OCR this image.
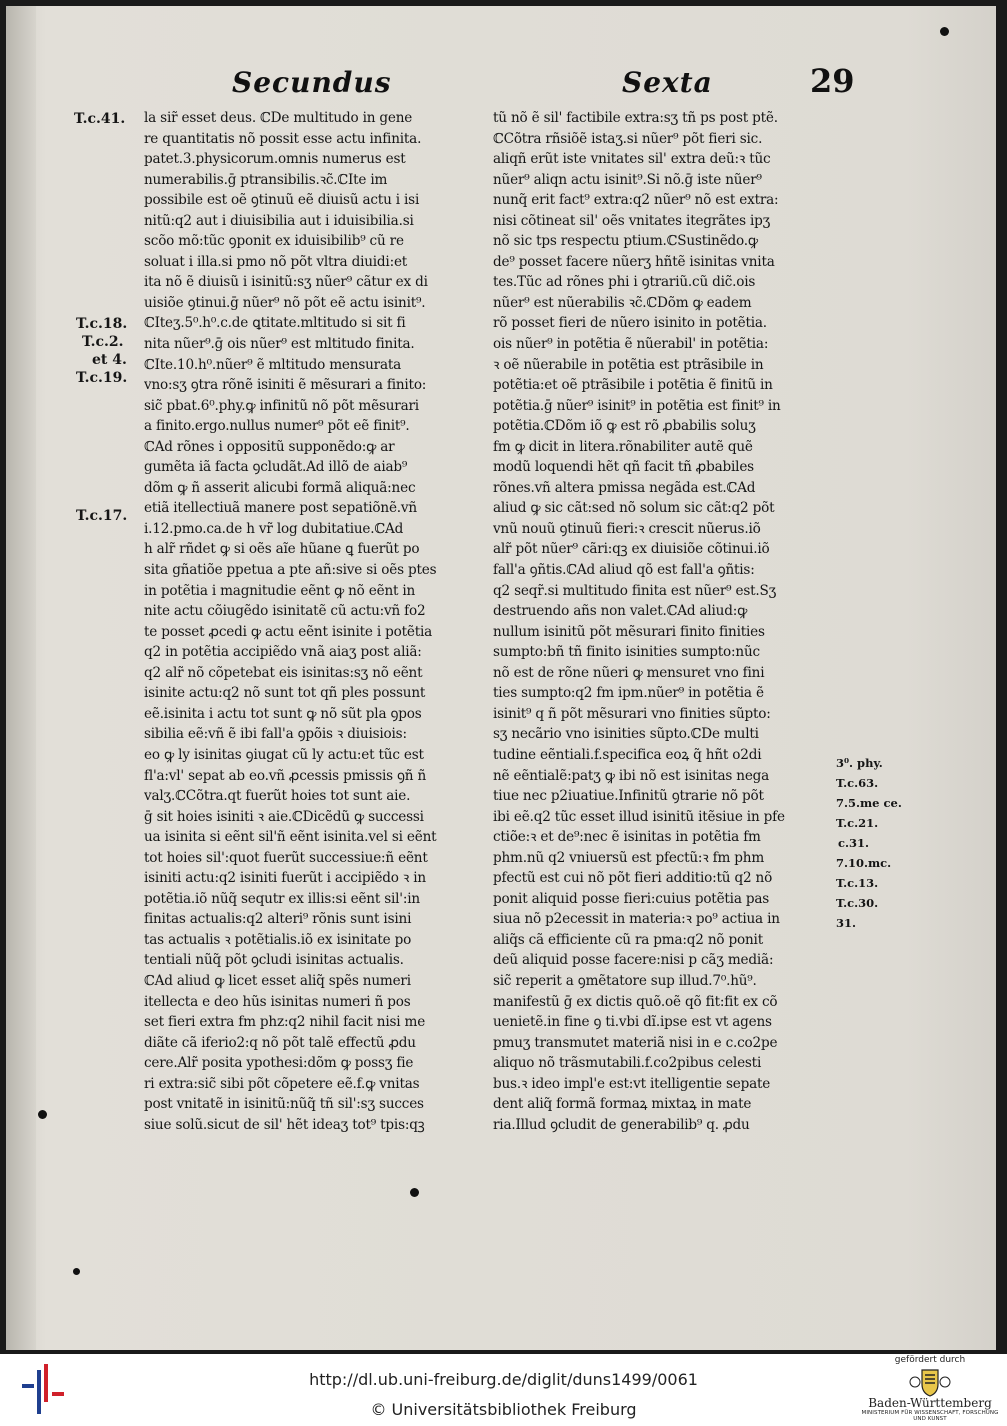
Secundus	Sexta	29
la sir̃ esset deus. ℂDe multitudo in gene
re quantitatis nõ possit esse actu infinita.
patet.3.physicorum.omnis numerus est
numerabilis.ḡ ptransibilis.ꝛc̃.ℂIte im
possibile est oẽ ꝯtinuũ eẽ diuisũ actu i isi
nitũ:q2 aut i diuisibilia aut i iduisibilia.si
scõo mõ:tũc ꝯponit ex iduisibilib⁹ cũ re
soluat i illa.si pmo nõ põt vltra diuidi:et
ita nõ ẽ diuisũ i isinitũ:sʒ nũer⁹ cãtur ex di
uisiõe ꝯtinui.ḡ nũer⁹ nõ põt eẽ actu isinit⁹.
ℂIteʒ.5⁰.h⁰.c.de ꝗtitate.mltitudo si sit fi
nita nũer⁹.ḡ ois nũer⁹ est mltitudo finita.
ℂIte.10.h⁰.nũer⁹ ẽ mltitudo mensurata
vno:sʒ ꝯtra rõnẽ isiniti ẽ mẽsurari a finito:
sic̃ pbat.6⁰.phy.ꝙ infinitũ nõ põt mẽsurari
a finito.ergo.nullus numer⁹ põt eẽ finit⁹.
ℂAd rõnes i oppositũ supponẽdo:ꝙ ar
gumẽta iã facta ꝯcludãt.Ad illõ de aiab⁹
dõm ꝙ ñ asserit alicubi formã aliquã:nec
etiã itellectiuã manere post sepatiõnẽ.vñ
i.12.pmo.ca.de h vr̃ log dubitatiue.ℂAd
h alr̃ rñdet ꝙ si oẽs aĩe hũane ꝗ fuerũt po
sita gñatiõe ppetua a pte añ:sive si oẽs ptes
in potẽtia i magnitudie eẽnt ꝙ nõ eẽnt in
nite actu cõiugẽdo isinitatẽ cũ actu:vñ fo2
te posset ꝓcedi ꝙ actu eẽnt isinite i potẽtia
q2 in potẽtia accipiẽdo vnã aiaʒ post aliã:
q2 alr̃ nõ cõpetebat eis isinitas:sʒ nõ eẽnt
isinite actu:q2 nõ sunt tot qñ ples possunt
eẽ.isinita i actu tot sunt ꝙ nõ sũt pla ꝯpos
sibilia eẽ:vñ ẽ ibi fall'a ꝯpõis ꝛ diuisiois:
eo ꝙ ly isinitas ꝯiugat cũ ly actu:et tũc est
fl'a:vl' sepat ab eo.vñ ꝓcessis pmissis ꝯñ ñ
valʒ.ℂCõtra.qt fuerũt hoies tot sunt aie.
ḡ sit hoies isiniti ꝛ aie.ℂDicẽdũ ꝙ successi
ua isinita si eẽnt sil'ñ eẽnt isinita.vel si eẽnt
tot hoies sil':quot fuerũt successiue:ñ eẽnt
isiniti actu:q2 isiniti fuerũt i accipiẽdo ꝛ in
potẽtia.iõ nũq̃ sequtr ex illis:si eẽnt sil':in
finitas actualis:q2 alteri⁹ rõnis sunt isini
tas actualis ꝛ potẽtialis.iõ ex isinitate po
tentiali nũq̃ põt ꝯcludi isinitas actualis.
ℂAd aliud ꝙ licet esset aliq̃ spẽs numeri
itellecta e deo hũs isinitas numeri ñ pos
set fieri extra fm phz:q2 nihil facit nisi me
diãte cã iferio2:q nõ põt talẽ effectũ ꝓdu
cere.Alr̃ posita ypothesi:dõm ꝙ possʒ fie
ri extra:sic̃ sibi põt cõpetere eẽ.f.ꝙ vnitas
post vnitatẽ in isinitũ:nũq̃ tñ sil':sʒ succes
siue solũ.sicut de sil' hẽt ideaʒ tot⁹ tpis:qꝫ
tũ nõ ẽ sil' factibile extra:sʒ tñ ps post ptẽ.
ℂCõtra rñsiõẽ istaʒ.si nũer⁹ põt fieri sic.
aliqñ erũt iste vnitates sil' extra deũ:ꝛ tũc
nũer⁹ aliqn actu isinit⁹.Si nõ.ḡ iste nũer⁹
nunq̃ erit fact⁹ extra:q2 nũer⁹ nõ est extra:
nisi cõtineat sil' oẽs vnitates itegrãtes ipʒ
nõ sic tps respectu ptium.ℂSustinẽdo.ꝙ
de⁹ posset facere nũerʒ hñtẽ isinitas vnita
tes.Tũc ad rõnes phi i ꝯtrariũ.cũ dic̃.ois
nũer⁹ est nũerabilis ꝛc̃.ℂDõm ꝙ eadem
rõ posset fieri de nũero isinito in potẽtia.
ois nũer⁹ in potẽtia ẽ nũerabil' in potẽtia:
ꝛ oẽ nũerabile in potẽtia est ptrãsibile in
potẽtia:et oẽ ptrãsibile i potẽtia ẽ finitũ in
potẽtia.ḡ nũer⁹ isinit⁹ in potẽtia est finit⁹ in
potẽtia.ℂDõm iõ ꝙ est rõ ꝓbabilis soluʒ
fm ꝙ dicit in litera.rõnabiliter autẽ quẽ
modũ loquendi hẽt qñ facit tñ ꝓbabiles
rõnes.vñ altera pmissa negãda est.ℂAd
aliud ꝙ sic cãt:sed nõ solum sic cãt:q2 põt
vnũ nouũ ꝯtinuũ fieri:ꝛ crescit nũerus.iõ
alr̃ põt nũer⁹ cãri:qꝫ ex diuisiõe cõtinui.iõ
fall'a ꝯñtis.ℂAd aliud qõ est fall'a ꝯñtis:
q2 seqr̃.si multitudo finita est nũer⁹ est.Sʒ
destruendo añs non valet.ℂAd aliud:ꝙ
nullum isinitũ põt mẽsurari finito finities
sumpto:bñ tñ finito isinities sumpto:nũc
nõ est de rõne nũeri ꝙ mensuret vno fini
ties sumpto:q2 fm ipm.nũer⁹ in potẽtia ẽ
isinit⁹ q ñ põt mẽsurari vno finities sũpto:
sʒ necãrio vno isinities sũpto.ℂDe multi
tudine eẽntiali.f.specifica eoꝝ q̃ hñt o2di
nẽ eẽntialẽ:patʒ ꝙ ibi nõ est isinitas nega
tiue nec p2iuatiue.Infinitũ ꝯtrarie nõ põt
ibi eẽ.q2 tũc esset illud isinitũ itẽsiue in pfe
ctiõe:ꝛ et de⁹:nec ẽ isinitas in potẽtia fm
phm.nũ q2 vniuersũ est pfectũ:ꝛ fm phm
pfectũ est cui nõ põt fieri additio:tũ q2 nõ
ponit aliquid posse fieri:cuius potẽtia pas
siua nõ p2ecessit in materia:ꝛ po⁹ actiua in
aliq̃s cã efficiente cũ ra pma:q2 nõ ponit
deũ aliquid posse facere:nisi p cãʒ mediã:
sic̃ reperit a ꝯmẽtatore sup illud.7⁰.hũ⁹.
manifestũ ḡ ex dictis quõ.oẽ qõ fit:fit ex cõ
uenietẽ.in fine ꝯ ti.vbi dĩ.ipse est vt agens
pmuʒ transmutet materiã nisi in e c.co2pe
aliquo nõ trãsmutabili.f.co2pibus celesti
bus.ꝛ ideo impl'e est:vt itelligentie sepate
dent aliq̃ formã formaꝝ mixtaꝝ in mate
ria.Illud ꝯcludit de generabilib⁹ q. ꝓdu
T.c.41.
T.c.18.
T.c.2.
et 4.
T.c.19.
T.c.17.
3⁰. phy.
T.c.63.
7.5.me ce.
T.c.21.
c.31.
7.10.mc.
T.c.13.
T.c.30.
31.
http://dl.ub.uni-freiburg.de/diglit/duns1499/0061
© Universitätsbibliothek Freiburg
gefördert durch
Baden-Württemberg
MINISTERIUM FÜR WISSENSCHAFT, FORSCHUNG UND KUNST
